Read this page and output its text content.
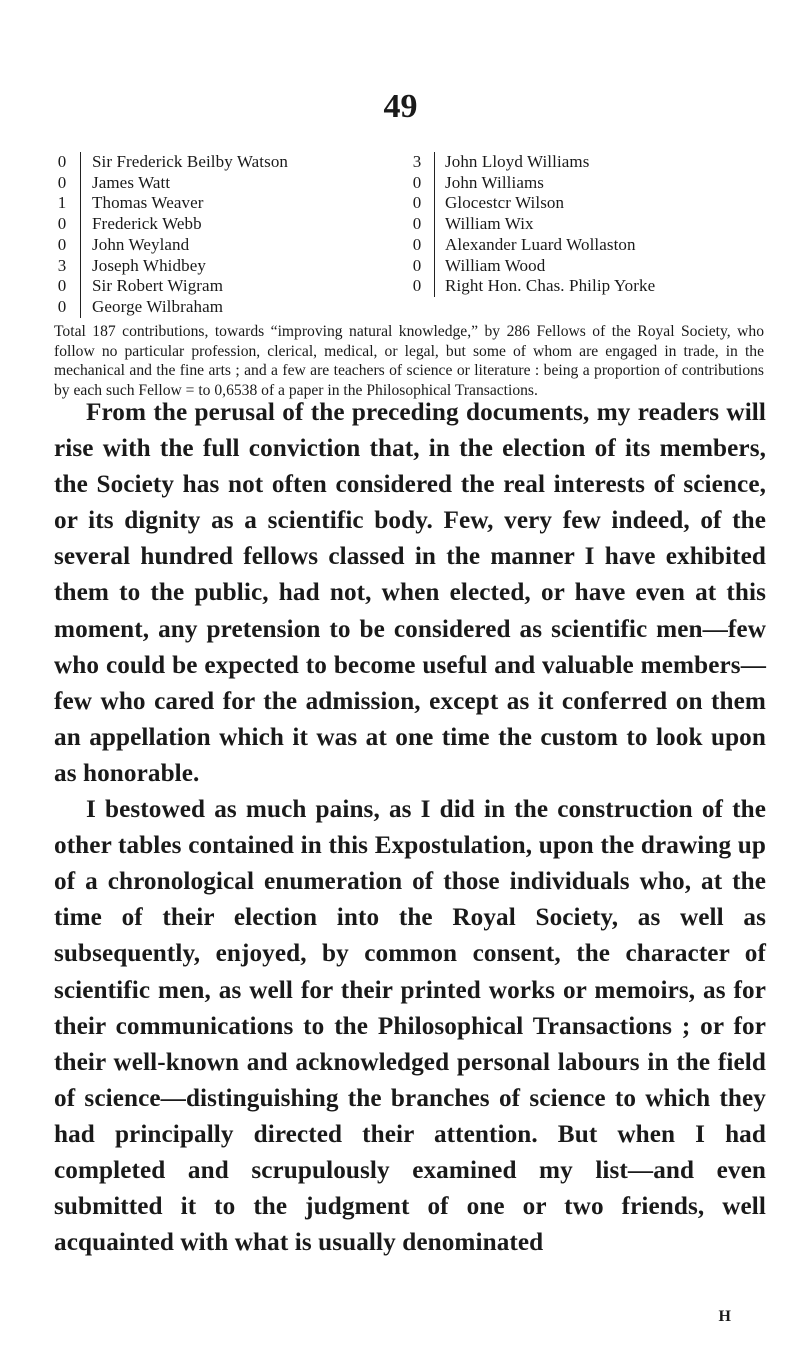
49
0	Sir Frederick Beilby Watson
0	James Watt
1	Thomas Weaver
0	Frederick Webb
0	John Weyland
3	Joseph Whidbey
0	Sir Robert Wigram
0	George Wilbraham
3	John Lloyd Williams
0	John Williams
0	Glocestcr Wilson
0	William Wix
0	Alexander Luard Wollaston
0	William Wood
0	Right Hon. Chas. Philip Yorke

Total 187 contributions, towards “improving natural knowledge,” by 286 Fellows of the Royal Society, who follow no particular profession, clerical, medical, or legal, but some of whom are engaged in trade, in the mechanical and the fine arts ; and a few are teachers of science or literature : being a proportion of contributions by each such Fellow = to 0,6538 of a paper in the Philosophical Transactions.

From the perusal of the preceding documents, my readers will rise with the full conviction that, in the election of its members, the Society has not often considered the real interests of science, or its dignity as a scientific body. Few, very few indeed, of the several hundred fellows classed in the manner I have exhibited them to the public, had not, when elected, or have even at this moment, any pretension to be considered as scientific men—few who could be expected to become useful and valuable members—few who cared for the admission, except as it conferred on them an appellation which it was at one time the custom to look upon as honorable.

I bestowed as much pains, as I did in the construction of the other tables contained in this Expostulation, upon the drawing up of a chronological enumeration of those individuals who, at the time of their election into the Royal Society, as well as subsequently, enjoyed, by common consent, the character of scientific men, as well for their printed works or memoirs, as for their communications to the Philosophical Transactions ; or for their well-known and acknowledged personal labours in the field of science—distinguishing the branches of science to which they had principally directed their attention. But when I had completed and scrupulously examined my list—and even submitted it to the judgment of one or two friends, well acquainted with what is usually denominated

H
